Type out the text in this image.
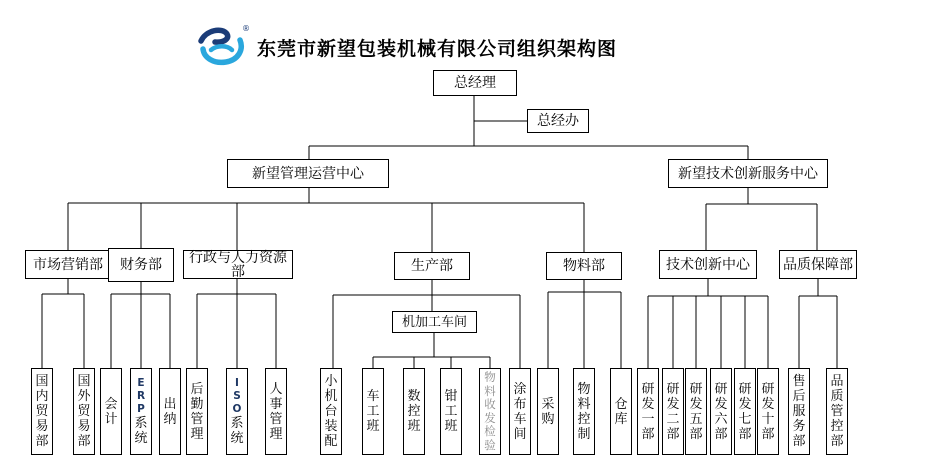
®
东莞市新望包装机械有限公司组织架构图
总经理
总经办
新望管理运营中心	新望技术创新服务中心
市场营销部 财务部	行政与人力资源部	生产部	物料部	技术创新中心 品质保障部
机加工车间
国
内
贸
易
部
国
外
贸
易
部
会
计
E
R
P
系
统
出
纳
后
勤
管
理
I
S
O
系
统
人
事
管
理
小
机
台
装
配
车
工
班
数
控
班
钳
工
班
物
料
收
发
检
验
涂
布
车
间
采
购
物
料
控
制
仓
库
研
发
一
部
研
发
二
部
研
发
五
部
研
发
六
部
研
发
七
部
研
发
十
部
售
后
服
务
部
品
质
管
控
部
